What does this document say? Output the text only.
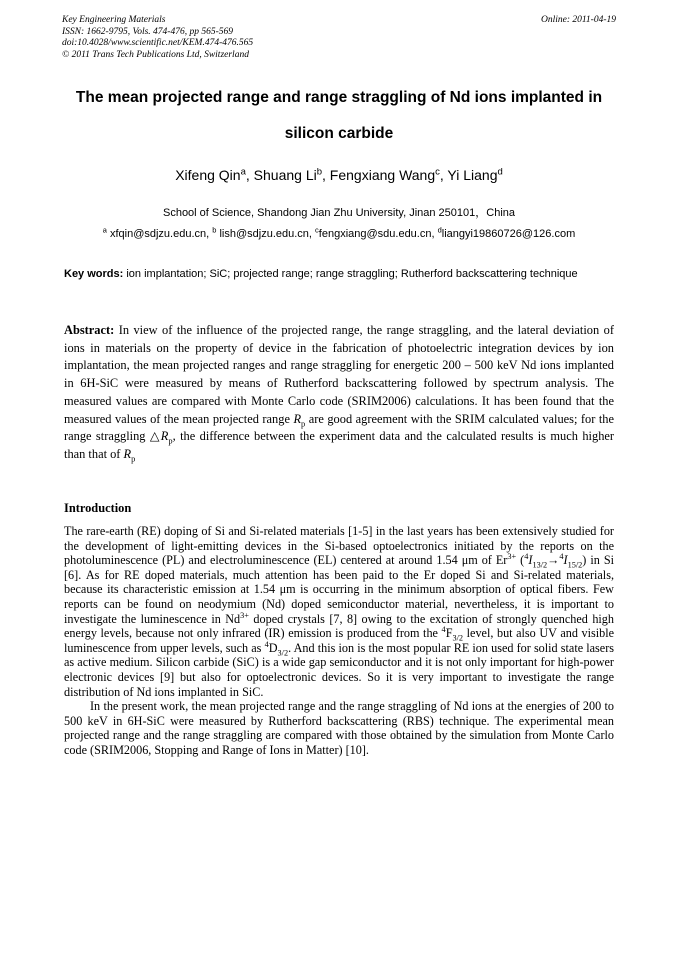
Key Engineering Materials
ISSN: 1662-9795, Vols. 474-476, pp 565-569
doi:10.4028/www.scientific.net/KEM.474-476.565
© 2011 Trans Tech Publications Ltd, Switzerland
Online: 2011-04-19
The mean projected range and range straggling of Nd ions implanted in
silicon carbide
Xifeng Qin$^a$, Shuang Li$^b$, Fengxiang Wang$^c$, Yi Liang$^d$
School of Science, Shandong Jian Zhu University, Jinan 250101，China
$^a$ xfqin@sdjzu.edu.cn, $^b$ lish@sdjzu.edu.cn, $^c$fengxiang@sdu.edu.cn, $^d$liangyi19860726@126.com
Key words: ion implantation; SiC; projected range; range straggling; Rutherford backscattering technique
Abstract: In view of the influence of the projected range, the range straggling, and the lateral deviation of ions in materials on the property of device in the fabrication of photoelectric integration devices by ion implantation, the mean projected ranges and range straggling for energetic 200 – 500 keV Nd ions implanted in 6H-SiC were measured by means of Rutherford backscattering followed by spectrum analysis. The measured values are compared with Monte Carlo code (SRIM2006) calculations. It has been found that the measured values of the mean projected range $R_p$ are good agreement with the SRIM calculated values; for the range straggling $\triangle R_p$, the difference between the experiment data and the calculated results is much higher than that of $R_p$
Introduction

The rare-earth (RE) doping of Si and Si-related materials [1-5] in the last years has been extensively studied for the development of light-emitting devices in the Si-based optoelectronics initiated by the reports on the photoluminescence (PL) and electroluminescence (EL) centered at around 1.54 μm of $Er^{3+}$ $(^4I_{13/2}\to^4I_{15/2})$ in Si [6]. As for RE doped materials, much attention has been paid to the Er doped Si and Si-related materials, because its characteristic emission at 1.54 μm is occurring in the minimum absorption of optical fibers. Few reports can be found on neodymium (Nd) doped semiconductor material, nevertheless, it is important to investigate the luminescence in $Nd^{3+}$ doped crystals [7, 8] owing to the excitation of strongly quenched high energy levels, because not only infrared (IR) emission is produced from the $^4F_{3/2}$ level, but also UV and visible luminescence from upper levels, such as $^4D_{3/2}$. And this ion is the most popular RE ion used for solid state lasers as active medium. Silicon carbide (SiC) is a wide gap semiconductor and it is not only important for high-power electronic devices [9] but also for optoelectronic devices. So it is very important to investigate the range distribution of Nd ions implanted in SiC.

In the present work, the mean projected range and the range straggling of Nd ions at the energies of 200 to 500 keV in 6H-SiC were measured by Rutherford backscattering (RBS) technique. The experimental mean projected range and the range straggling are compared with those obtained by the simulation from Monte Carlo code (SRIM2006, Stopping and Range of Ions in Matter) [10].
